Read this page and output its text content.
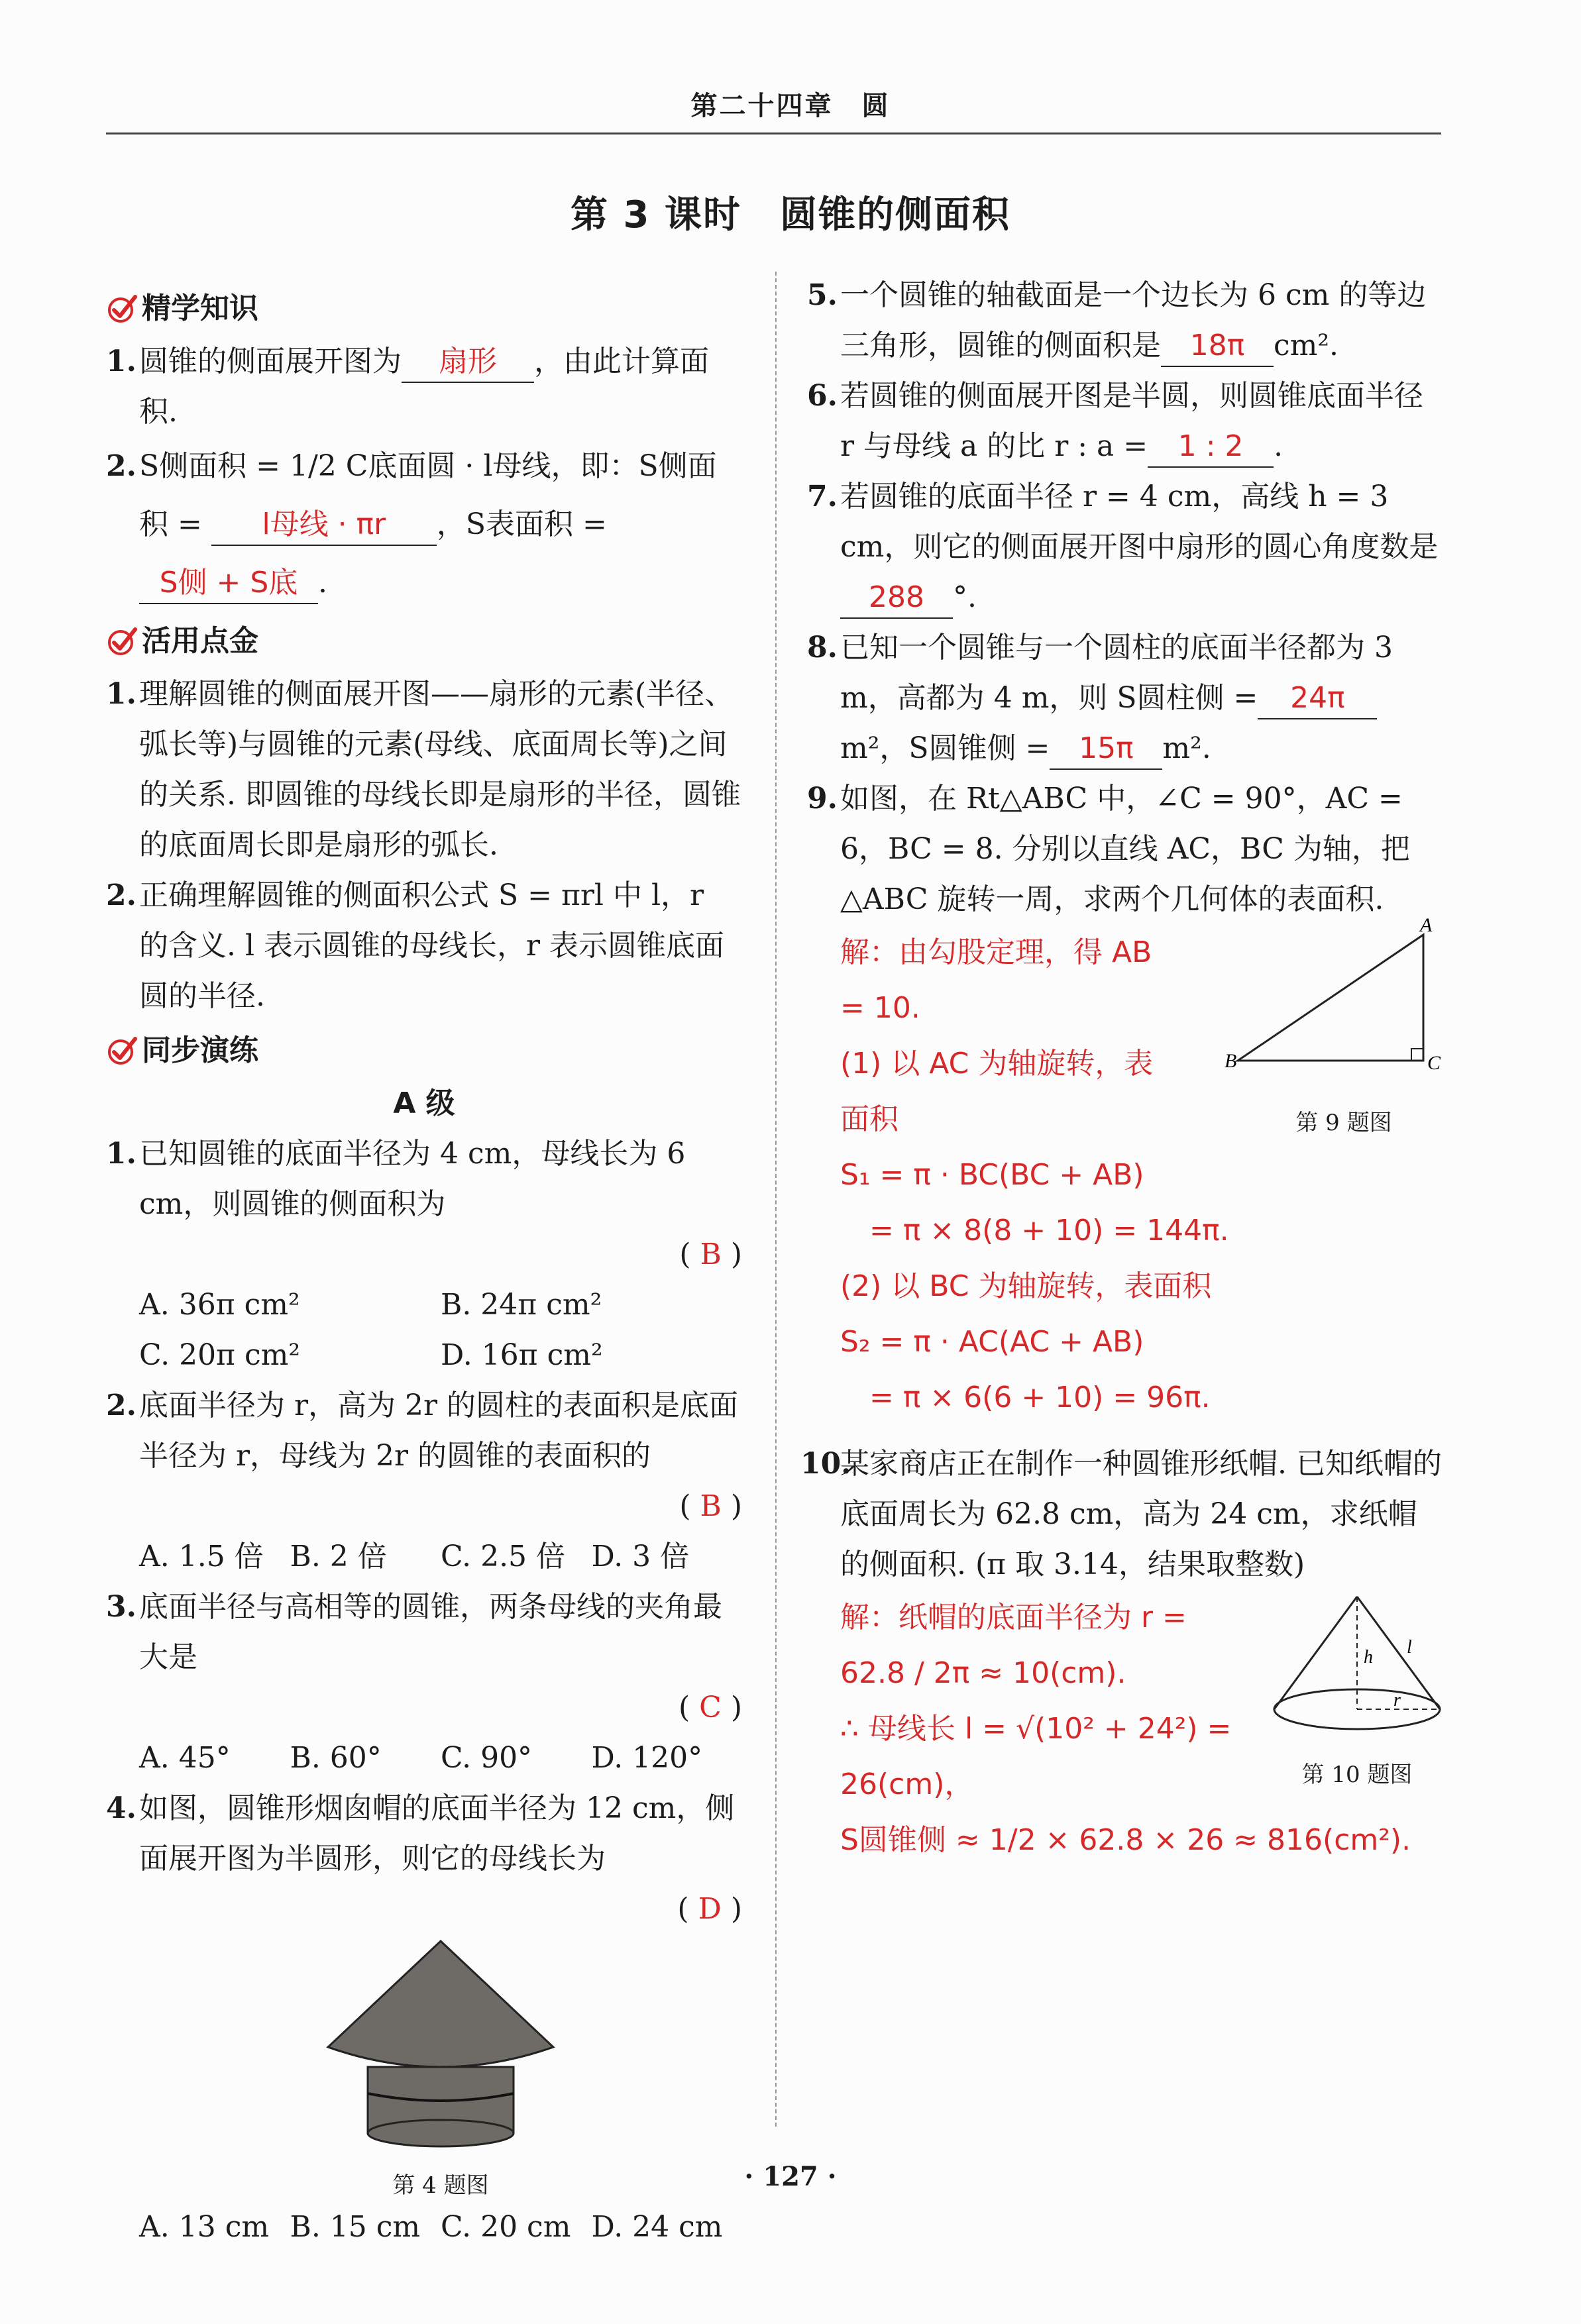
第二十四章　圆
第 3 课时　圆锥的侧面积
精学知识
1. 圆锥的侧面展开图为 扇形 ，由此计算面积.
2. S侧面积 = 1/2 C底面圆 · l母线，即：S侧面积 = l母线 · πr ，S表面积 = S侧 + S底 .
活用点金
1. 理解圆锥的侧面展开图——扇形的元素(半径、弧长等)与圆锥的元素(母线、底面周长等)之间的关系. 即圆锥的母线长即是扇形的半径，圆锥的底面周长即是扇形的弧长.
2. 正确理解圆锥的侧面积公式 S = πrl 中 l，r 的含义. l 表示圆锥的母线长，r 表示圆锥底面圆的半径.
同步演练
A 级
1. 已知圆锥的底面半径为 4 cm，母线长为 6 cm，则圆锥的侧面积为
( B )
A. 36π cm²	B. 24π cm²
C. 20π cm²	D. 16π cm²
2. 底面半径为 r，高为 2r 的圆柱的表面积是底面半径为 r，母线为 2r 的圆锥的表面积的
( B )
A. 1.5 倍 B. 2 倍	C. 2.5 倍 D. 3 倍
3. 底面半径与高相等的圆锥，两条母线的夹角最大是
( C )
A. 45°	B. 60°	C. 90°	D. 120°
4. 如图，圆锥形烟囱帽的底面半径为 12 cm，侧面展开图为半圆形，则它的母线长为
( D )
第 4 题图
A. 13 cm B. 15 cm C. 20 cm D. 24 cm
5. 一个圆锥的轴截面是一个边长为 6 cm 的等边三角形，圆锥的侧面积是 18π cm².
6. 若圆锥的侧面展开图是半圆，则圆锥底面半径 r 与母线 a 的比 r : a = 1 : 2 .
7. 若圆锥的底面半径 r = 4 cm，高线 h = 3 cm，则它的侧面展开图中扇形的圆心角度数是288 °.
8. 已知一个圆锥与一个圆柱的底面半径都为 3 m，高都为 4 m，则 S圆柱侧 = 24πm²，S圆锥侧 = 15π m².
9. 如图，在 Rt△ABC 中，∠C = 90°，AC = 6，BC = 8. 分别以直线 AC，BC 为轴，把△ABC 旋转一周，求两个几何体的表面积.
解：由勾股定理，得 AB
= 10.
(1) 以 AC 为轴旋转，表
面积
S₁ = π · BC(BC + AB)
　= π × 8(8 + 10) = 144π.
(2) 以 BC 为轴旋转，表面积
S₂ = π · AC(AC + AB)
　= π × 6(6 + 10) = 96π.
A
B	C
第 9 题图
10.
某家商店正在制作一种圆锥形纸帽. 已知纸帽的底面周长为 62.8 cm，高为 24 cm，求纸帽的侧面积. (π 取 3.14，结果取整数)
解：纸帽的底面半径为 r =
62.8 / 2π ≈ 10(cm).
∴ 母线长 l = √(10² + 24²) =
26(cm)，
S圆锥侧 ≈ 1/2 × 62.8 × 26 ≈ 816(cm²).
h l
r
第 10 题图
· 127 ·
